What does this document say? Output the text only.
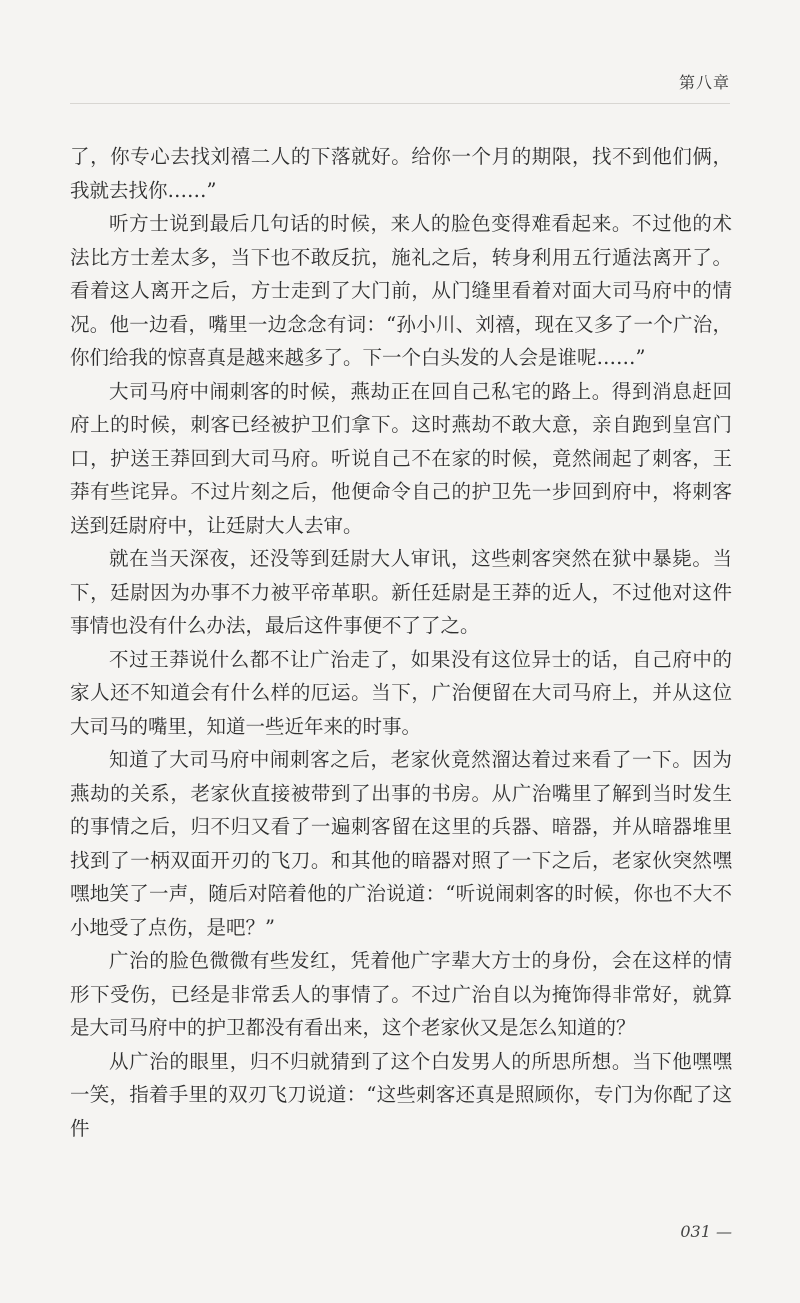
第八章

了，你专心去找刘禧二人的下落就好。给你一个月的期限，找不到他们俩，我就去找你……”

听方士说到最后几句话的时候，来人的脸色变得难看起来。不过他的术法比方士差太多，当下也不敢反抗，施礼之后，转身利用五行遁法离开了。看着这人离开之后，方士走到了大门前，从门缝里看着对面大司马府中的情况。他一边看，嘴里一边念念有词：“孙小川、刘禧，现在又多了一个广治，你们给我的惊喜真是越来越多了。下一个白头发的人会是谁呢……”

大司马府中闹刺客的时候，燕劫正在回自己私宅的路上。得到消息赶回府上的时候，刺客已经被护卫们拿下。这时燕劫不敢大意，亲自跑到皇宫门口，护送王莽回到大司马府。听说自己不在家的时候，竟然闹起了刺客，王莽有些诧异。不过片刻之后，他便命令自己的护卫先一步回到府中，将刺客送到廷尉府中，让廷尉大人去审。

就在当天深夜，还没等到廷尉大人审讯，这些刺客突然在狱中暴毙。当下，廷尉因为办事不力被平帝革职。新任廷尉是王莽的近人，不过他对这件事情也没有什么办法，最后这件事便不了了之。

不过王莽说什么都不让广治走了，如果没有这位异士的话，自己府中的家人还不知道会有什么样的厄运。当下，广治便留在大司马府上，并从这位大司马的嘴里，知道一些近年来的时事。

知道了大司马府中闹刺客之后，老家伙竟然溜达着过来看了一下。因为燕劫的关系，老家伙直接被带到了出事的书房。从广治嘴里了解到当时发生的事情之后，归不归又看了一遍刺客留在这里的兵器、暗器，并从暗器堆里找到了一柄双面开刃的飞刀。和其他的暗器对照了一下之后，老家伙突然嘿嘿地笑了一声，随后对陪着他的广治说道：“听说闹刺客的时候，你也不大不小地受了点伤，是吧？”

广治的脸色微微有些发红，凭着他广字辈大方士的身份，会在这样的情形下受伤，已经是非常丢人的事情了。不过广治自以为掩饰得非常好，就算是大司马府中的护卫都没有看出来，这个老家伙又是怎么知道的？

从广治的眼里，归不归就猜到了这个白发男人的所思所想。当下他嘿嘿一笑，指着手里的双刃飞刀说道：“这些刺客还真是照顾你，专门为你配了这件

031 —
